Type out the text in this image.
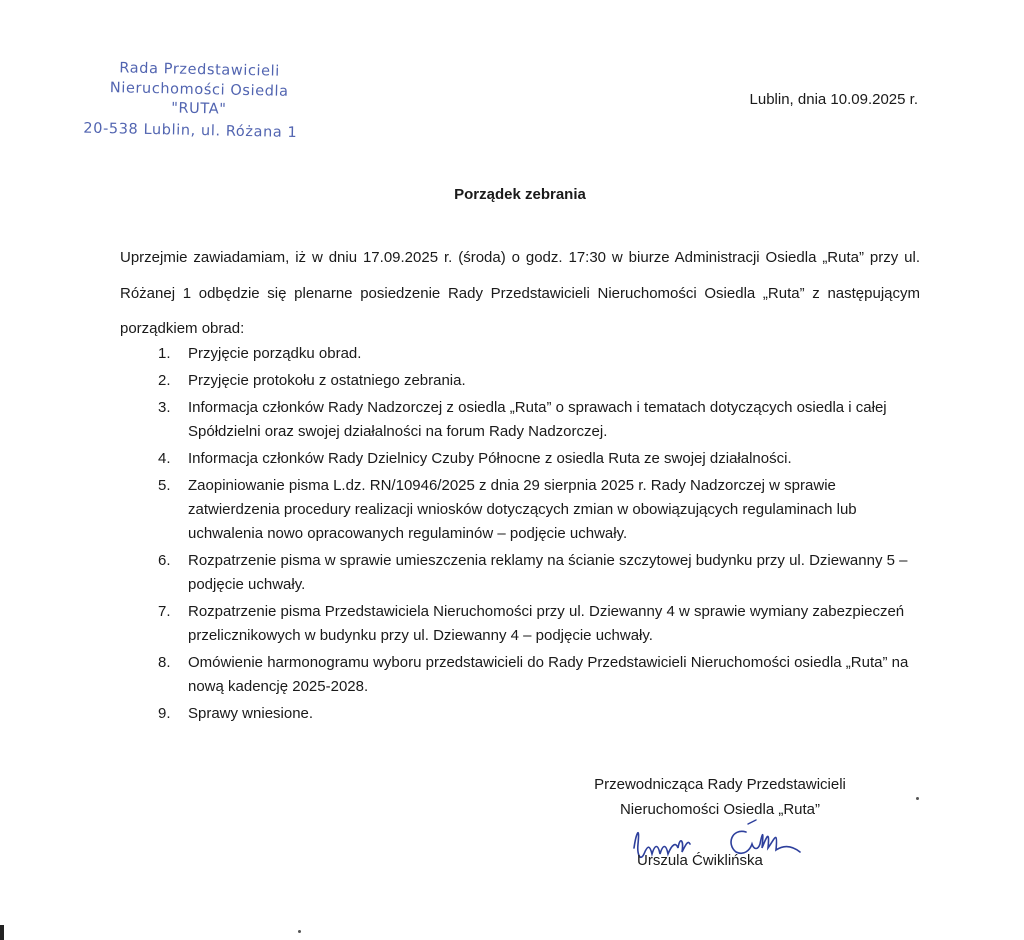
Rada Przedstawicieli
Nieruchomości Osiedla
"RUTA"
20-538 Lublin, ul. Różana 1
Lublin, dnia 10.09.2025 r.
Porządek zebrania

Uprzejmie zawiadamiam, iż w dniu 17.09.2025 r. (środa) o godz. 17:30 w biurze Administracji Osiedla „Ruta” przy ul. Różanej 1 odbędzie się plenarne posiedzenie Rady Przedstawicieli Nieruchomości Osiedla „Ruta” z następującym porządkiem obrad:

1. Przyjęcie porządku obrad.
2. Przyjęcie protokołu z ostatniego zebrania.
3. Informacja członków Rady Nadzorczej z osiedla „Ruta” o sprawach i tematach dotyczących osiedla i całej Spółdzielni oraz swojej działalności na forum Rady Nadzorczej.
4. Informacja członków Rady Dzielnicy Czuby Północne z osiedla Ruta ze swojej działalności.
5. Zaopiniowanie pisma L.dz. RN/10946/2025 z dnia 29 sierpnia 2025 r. Rady Nadzorczej w sprawie zatwierdzenia procedury realizacji wniosków dotyczących zmian w obowiązujących regulaminach lub uchwalenia nowo opracowanych regulaminów – podjęcie uchwały.
6. Rozpatrzenie pisma w sprawie umieszczenia reklamy na ścianie szczytowej budynku przy ul. Dziewanny 5 – podjęcie uchwały.
7. Rozpatrzenie pisma Przedstawiciela Nieruchomości przy ul. Dziewanny 4 w sprawie wymiany zabezpieczeń przelicznikowych w budynku przy ul. Dziewanny 4 – podjęcie uchwały.
8. Omówienie harmonogramu wyboru przedstawicieli do Rady Przedstawicieli Nieruchomości osiedla „Ruta” na nową kadencję 2025-2028.
9. Sprawy wniesione.
Przewodnicząca Rady Przedstawicieli
Nieruchomości Osiedla „Ruta”
Urszula Ćwiklińska
